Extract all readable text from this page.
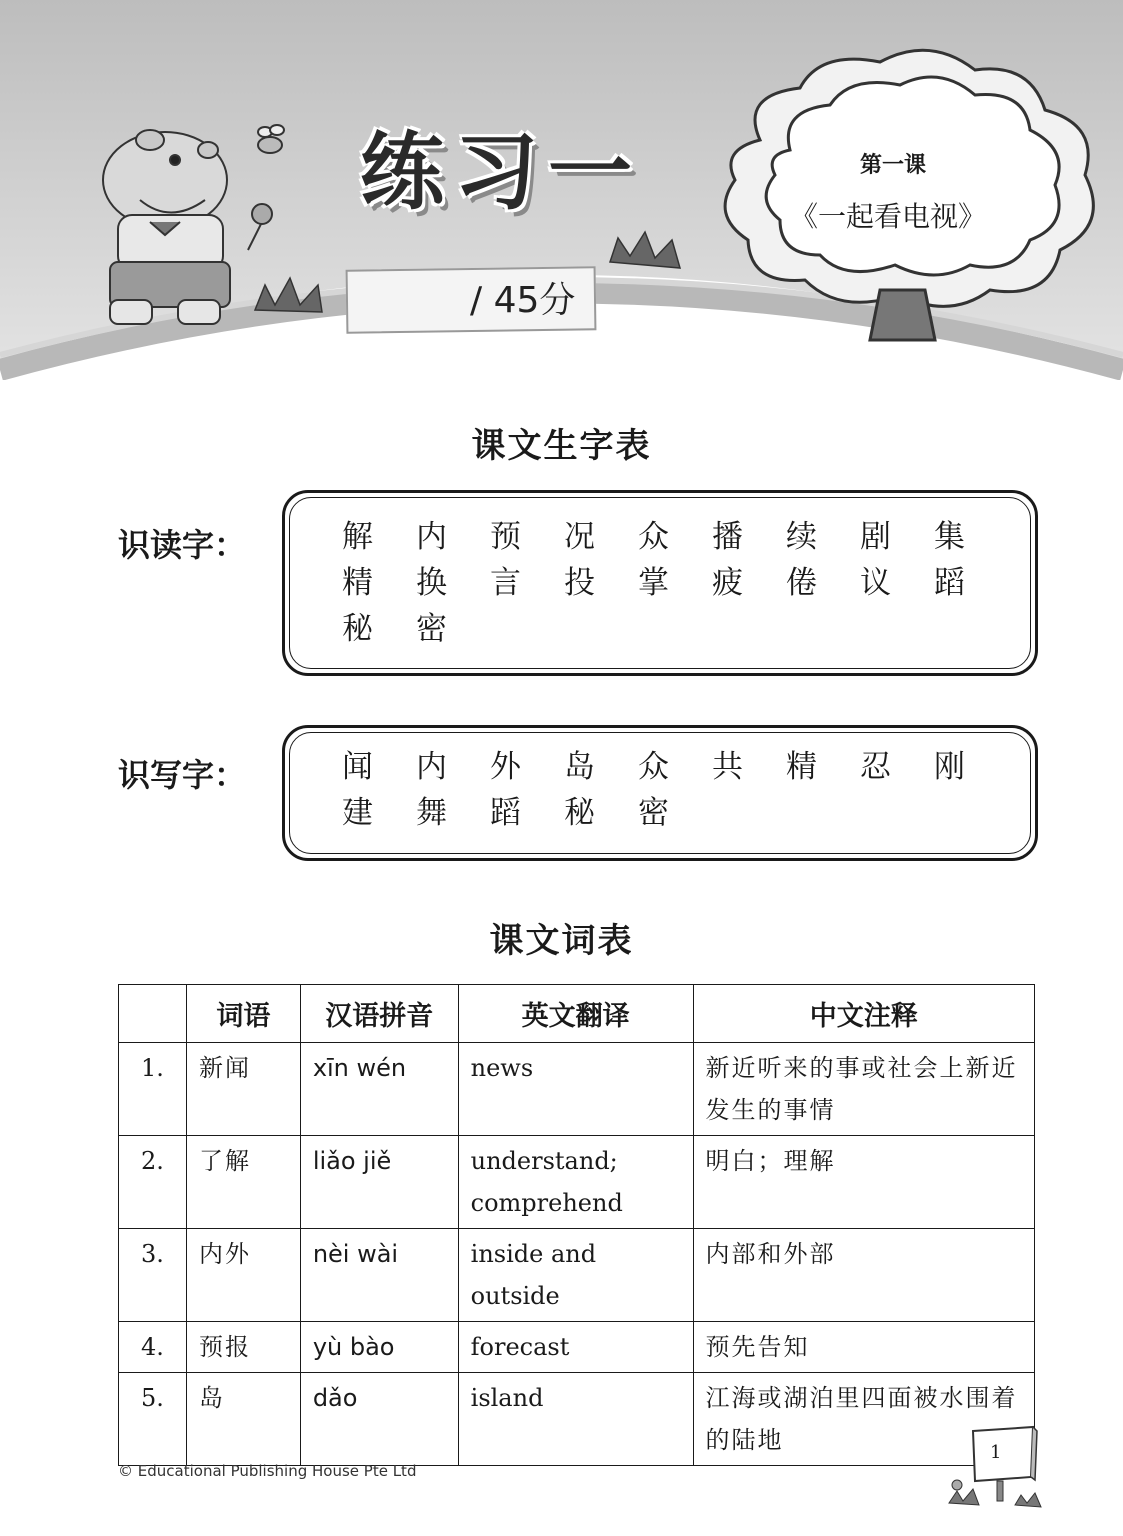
练习一
/ 45分
第一课
《一起看电视》
课文生字表
识读字：	解	内	预	况	众	播	续	剧	集
精	换	言	投	掌	疲	倦	议	蹈
秘	密
识写字：	闻	内	外	岛	众	共	精	忍	刚
建	舞	蹈	秘	密
课文词表
	词语	汉语拼音	英文翻译	中文注释
1.	新闻	xīn wén	news	新近听来的事或社会上新近发生的事情
2.	了解	liǎo jiě	understand; comprehend	明白；理解
3.	内外	nèi wài	inside and outside	内部和外部
4.	预报	yù bào	forecast	预先告知
5.	岛	dǎo	island	江海或湖泊里四面被水围着的陆地
© Educational Publishing House Pte Ltd
1
